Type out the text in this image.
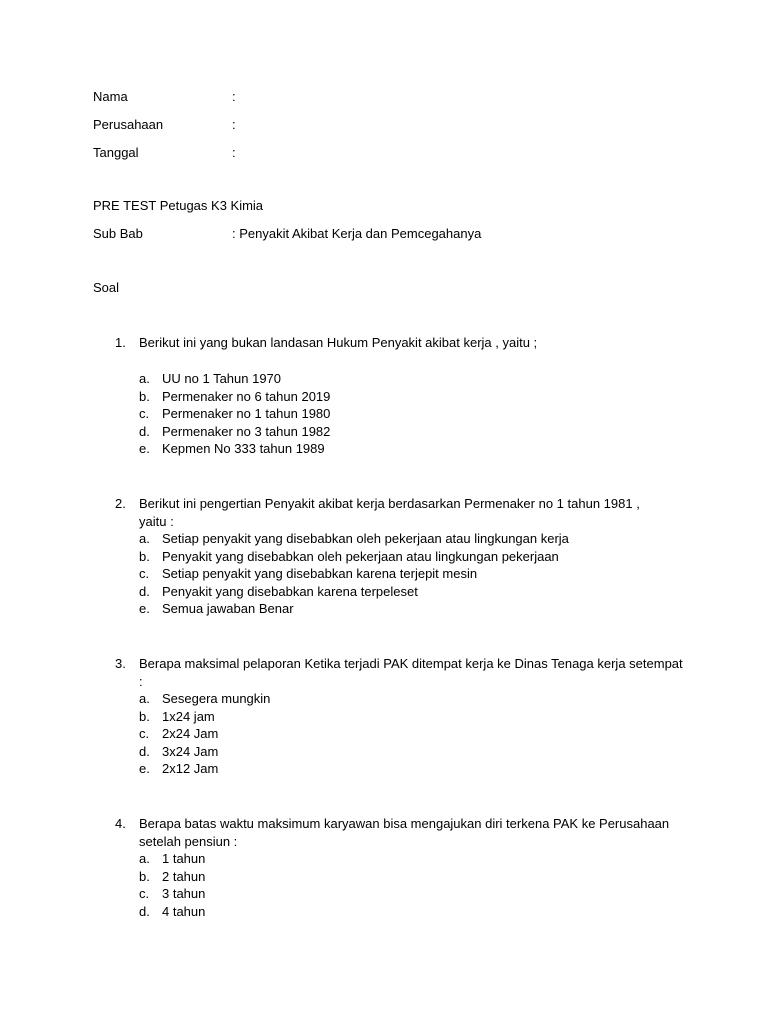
Nama	:
Perusahaan	:
Tanggal	:
PRE TEST Petugas K3 Kimia
Sub Bab	: Penyakit Akibat Kerja dan Pemcegahanya
Soal
1. Berikut ini yang bukan landasan Hukum Penyakit akibat kerja , yaitu ;
a. UU no 1 Tahun 1970
b. Permenaker no 6 tahun 2019
c. Permenaker no 1 tahun 1980
d. Permenaker no 3 tahun 1982
e. Kepmen No 333 tahun 1989
2. Berikut ini pengertian Penyakit akibat kerja berdasarkan Permenaker no 1 tahun 1981 ,
yaitu :
a. Setiap penyakit yang disebabkan oleh pekerjaan atau lingkungan kerja
b. Penyakit yang disebabkan oleh pekerjaan atau lingkungan pekerjaan
c. Setiap penyakit yang disebabkan karena terjepit mesin
d. Penyakit yang disebabkan karena terpeleset
e. Semua jawaban Benar
3. Berapa maksimal pelaporan Ketika terjadi PAK ditempat kerja ke Dinas Tenaga kerja setempat
:
a. Sesegera mungkin
b. 1x24 jam
c. 2x24 Jam
d. 3x24 Jam
e. 2x12 Jam
4. Berapa batas waktu maksimum karyawan bisa mengajukan diri terkena PAK ke Perusahaan
setelah pensiun :
a. 1 tahun
b. 2 tahun
c. 3 tahun
d. 4 tahun
